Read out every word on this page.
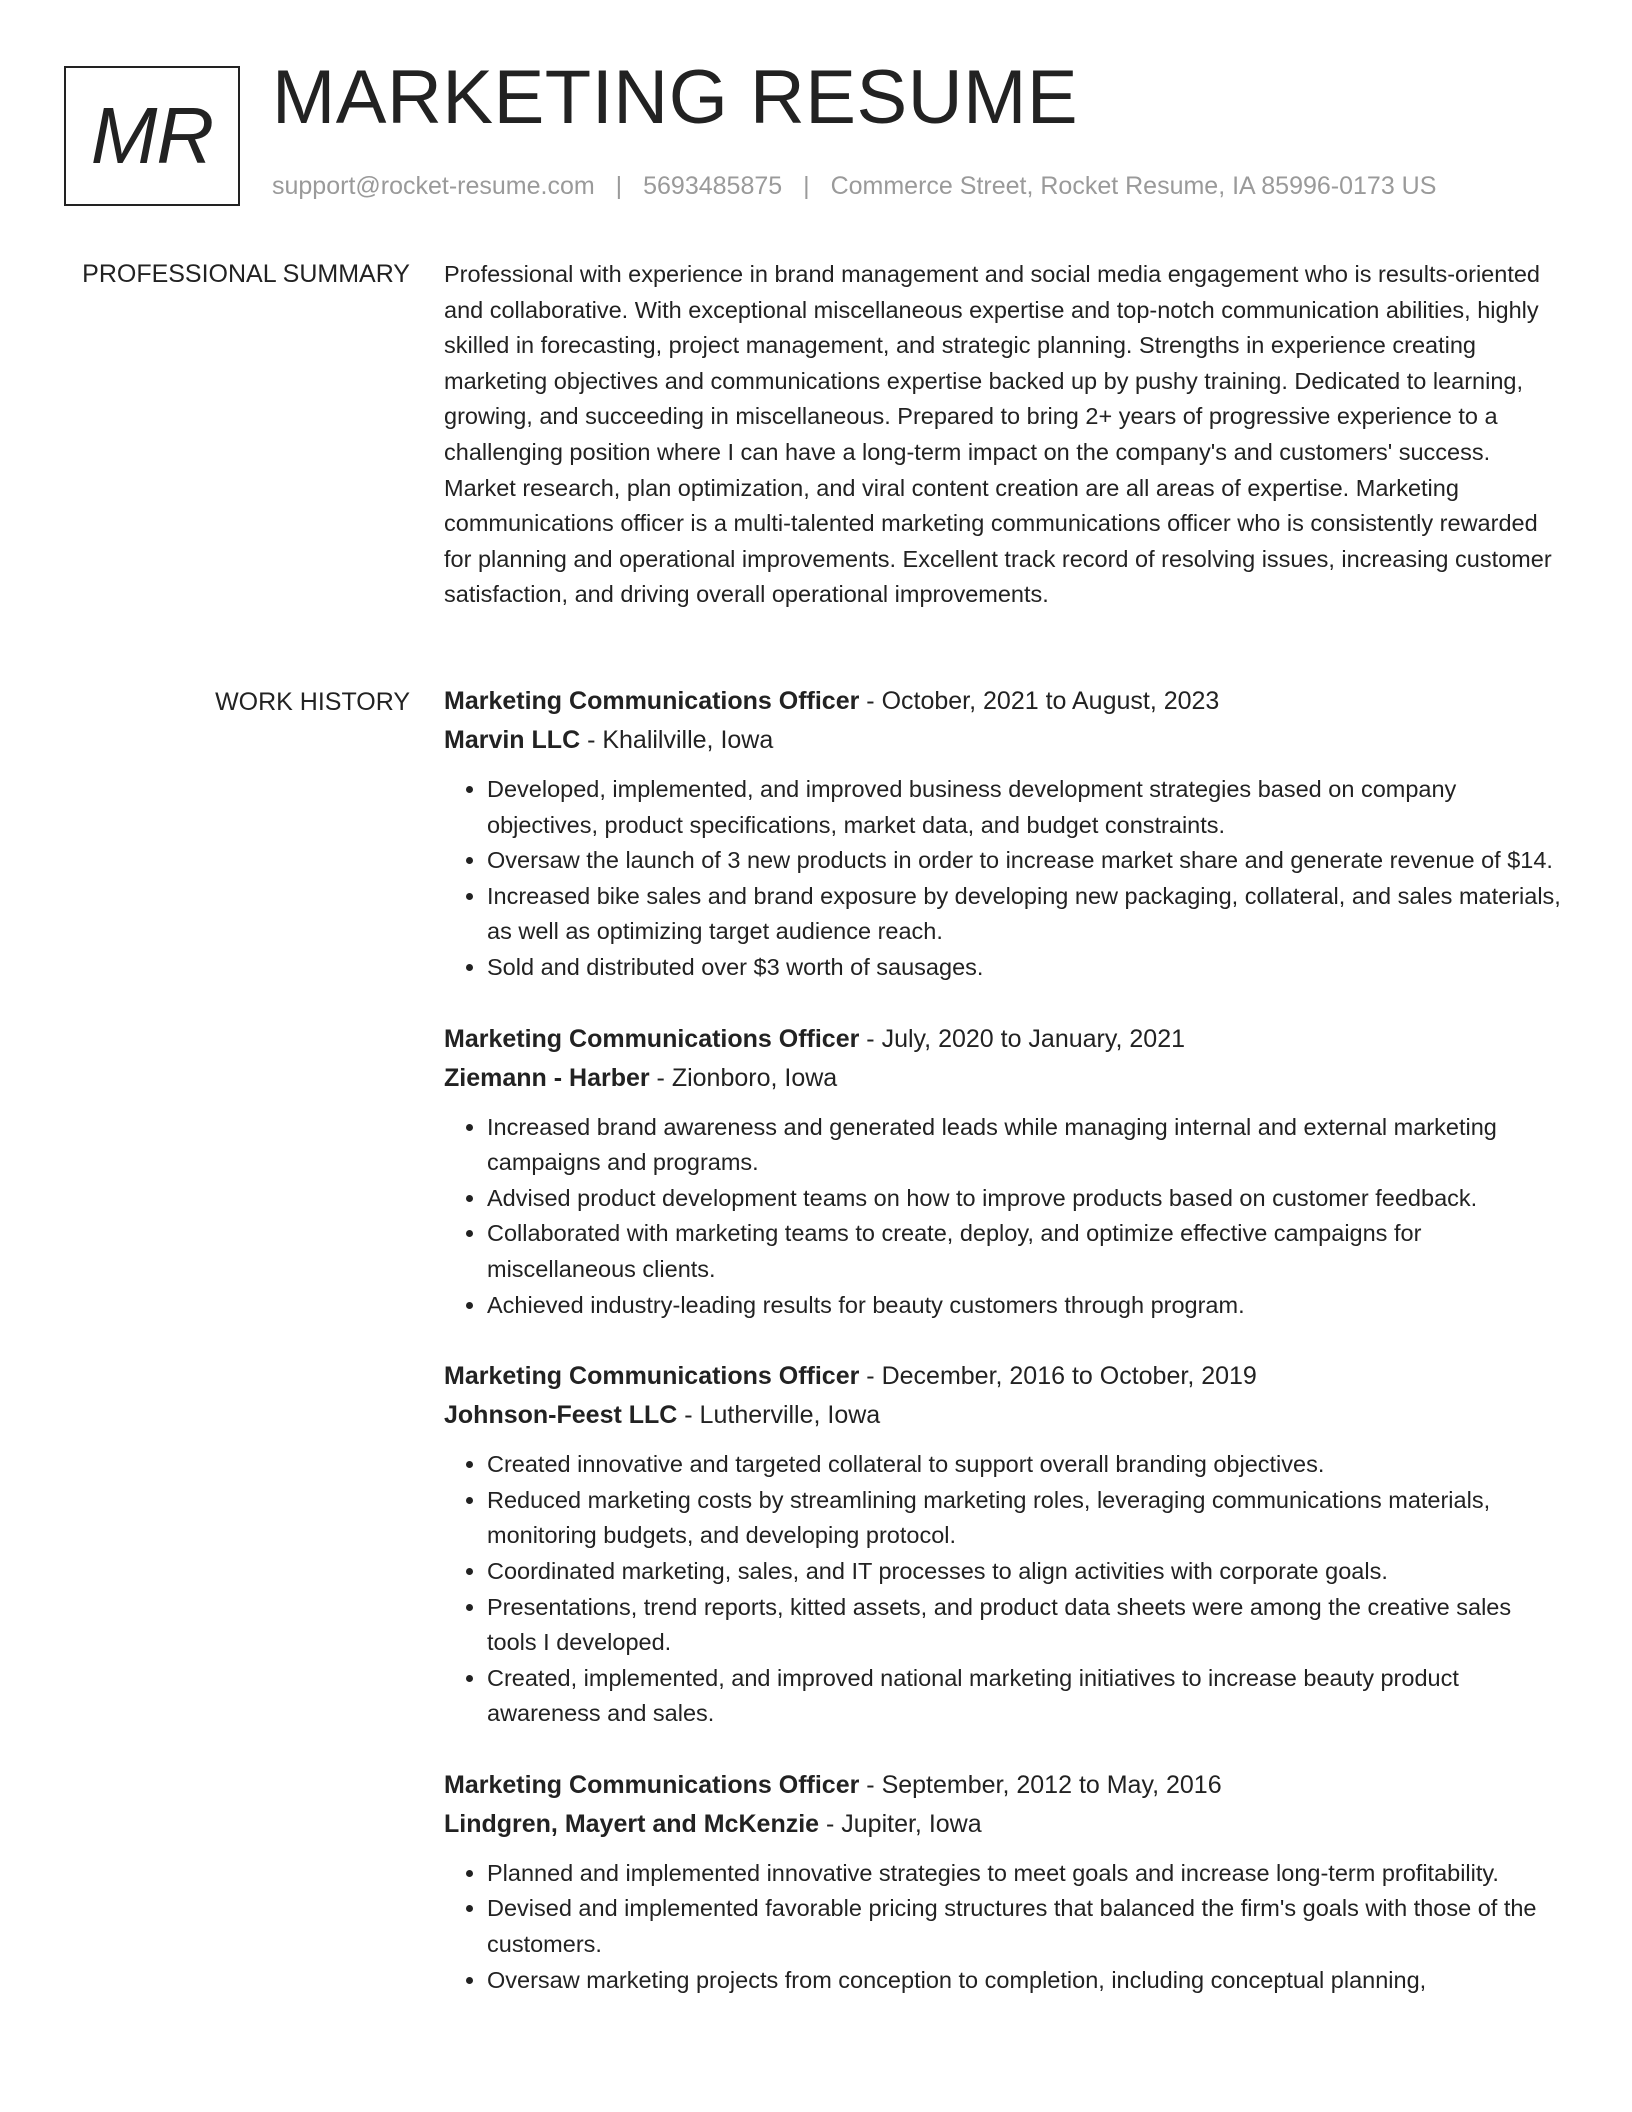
MR MARKETING RESUME
support@rocket-resume.com | 5693485875 | Commerce Street, Rocket Resume, IA 85996-0173 US
PROFESSIONAL SUMMARY Professional with experience in brand management and social media engagement who is results-oriented and collaborative. With exceptional miscellaneous expertise and top-notch communication abilities, highly skilled in forecasting, project management, and strategic planning. Strengths in experience creating marketing objectives and communications expertise backed up by pushy training. Dedicated to learning, growing, and succeeding in miscellaneous. Prepared to bring 2+ years of progressive experience to a challenging position where I can have a long-term impact on the company's and customers' success. Market research, plan optimization, and viral content creation are all areas of expertise. Marketing communications officer is a multi-talented marketing communications officer who is consistently rewarded for planning and operational improvements. Excellent track record of resolving issues, increasing customer satisfaction, and driving overall operational improvements.

WORK HISTORY Marketing Communications Officer - October, 2021 to August, 2023
Marvin LLC - Khalilville, Iowa
• Developed, implemented, and improved business development strategies based on company objectives, product specifications, market data, and budget constraints.
• Oversaw the launch of 3 new products in order to increase market share and generate revenue of $14.
• Increased bike sales and brand exposure by developing new packaging, collateral, and sales materials, as well as optimizing target audience reach.
• Sold and distributed over $3 worth of sausages.
Marketing Communications Officer - July, 2020 to January, 2021
Ziemann - Harber - Zionboro, Iowa
• Increased brand awareness and generated leads while managing internal and external marketing campaigns and programs.
• Advised product development teams on how to improve products based on customer feedback.
• Collaborated with marketing teams to create, deploy, and optimize effective campaigns for miscellaneous clients.
• Achieved industry-leading results for beauty customers through program.
Marketing Communications Officer - December, 2016 to October, 2019
Johnson-Feest LLC - Lutherville, Iowa
• Created innovative and targeted collateral to support overall branding objectives.
• Reduced marketing costs by streamlining marketing roles, leveraging communications materials, monitoring budgets, and developing protocol.
• Coordinated marketing, sales, and IT processes to align activities with corporate goals.
• Presentations, trend reports, kitted assets, and product data sheets were among the creative sales tools I developed.
• Created, implemented, and improved national marketing initiatives to increase beauty product awareness and sales.
Marketing Communications Officer - September, 2012 to May, 2016
Lindgren, Mayert and McKenzie - Jupiter, Iowa
• Planned and implemented innovative strategies to meet goals and increase long-term profitability.
• Devised and implemented favorable pricing structures that balanced the firm's goals with those of the customers.
• Oversaw marketing projects from conception to completion, including conceptual planning,
